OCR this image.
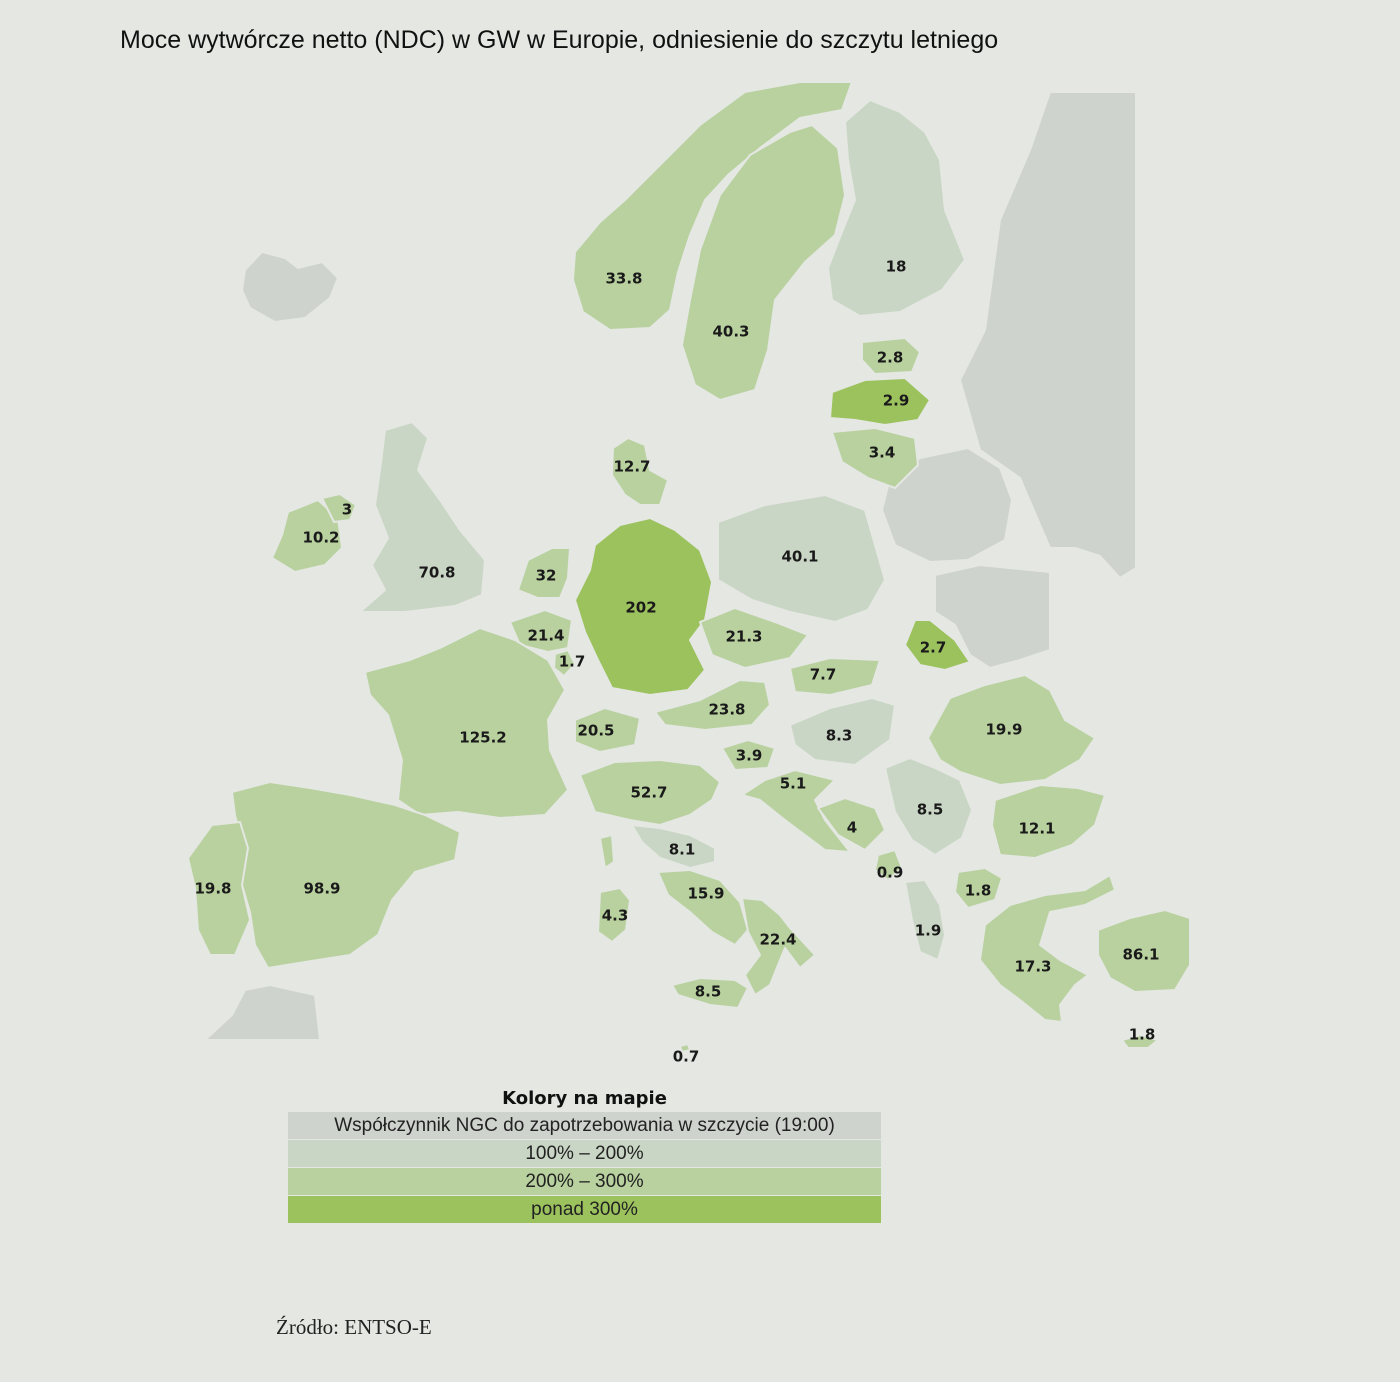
Moce wytwórcze netto (NDC) w GW w Europie, odniesienie do szczytu letniego
33.8
40.3
18
2.8
2.9
3.4
12.7
10.2
3
70.8	32
21.4
1.7
202
40.1
21.3
7.7
2.7
125.2	20.5
23.8
8.3	19.9
3.9
5.1
4
8.5
12.1
52.7
8.1
15.9
22.4
4.3
8.5
0.7
0.9
1.8
1.9
17.3
86.1
1.8
98.9
19.8
Kolory na mapie
Współczynnik NGC do zapotrzebowania w szczycie (19:00)
100% – 200%
200% – 300%
ponad 300%
Źródło: ENTSO-E
